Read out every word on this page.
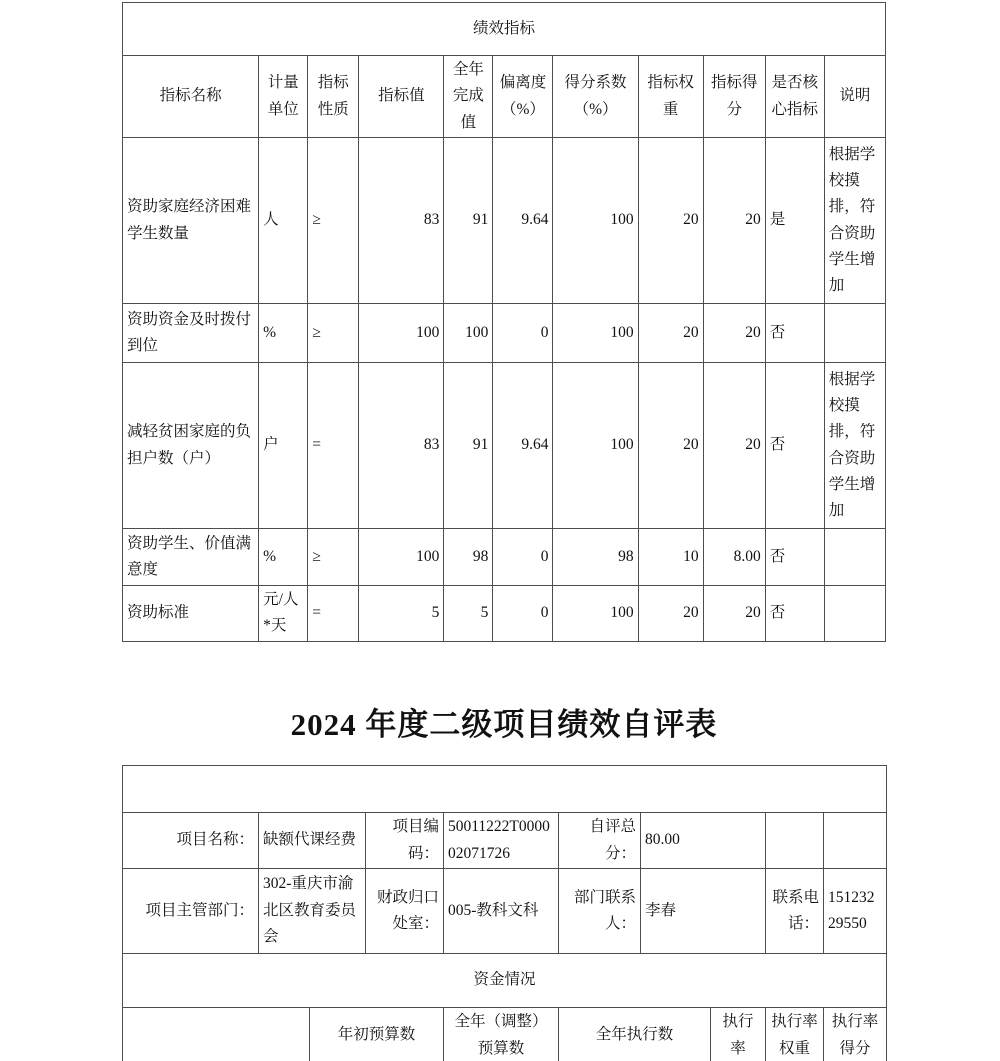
绩效指标										
指标名称	计量单位	指标性质	指标值	全年完成值	偏离度（%）	得分系数（%）	指标权重	指标得分	是否核心指标	说明
资助家庭经济困难学生数量	人	≥	83	91	9.64	100	20	20	是	根据学校摸排，符合资助学生增加
资助资金及时拨付到位	%	≥	100	100	0	100	20	20	否	
减轻贫困家庭的负担户数（户）	户	=	83	91	9.64	100	20	20	否	根据学校摸排，符合资助学生增加
资助学生、价值满意度	%	≥	100	98	0	98	10	8.00	否	
资助标准	元/人*天	=	5	5	0	100	20	20	否	
2024 年度二级项目绩效自评表

项目名称：	缺额代课经费		项目编码：	50011222T000002071726	自评总分：	80.00			
项目主管部门：	302-重庆市渝北区教育委员会		财政归口处室：	005-教科文科	部门联系人：	李春		联系电话：	15123229550
资金情况									
		年初预算数		全年（调整）预算数	全年执行数		执行率	执行率权重	执行率得分
